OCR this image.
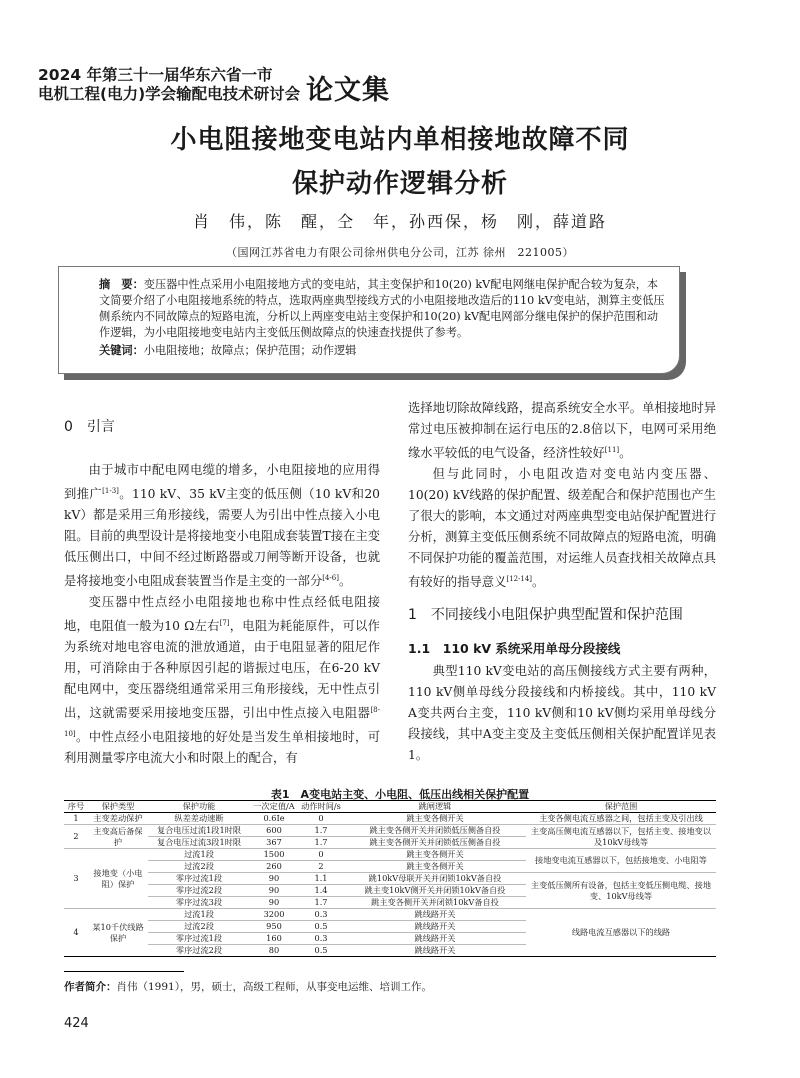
2024 年第三十一届华东六省一市
电机工程(电力)学会输配电技术研讨会 论文集
小电阻接地变电站内单相接地故障不同
保护动作逻辑分析
肖　伟，陈　醒，仝　年，孙西保，杨　刚，薛道路
（国网江苏省电力有限公司徐州供电分公司，江苏 徐州　221005）
摘　要：变压器中性点采用小电阻接地方式的变电站，其主变保护和10(20) kV配电网继电保护配合较为复杂，本文简要介绍了小电阻接地系统的特点，选取两座典型接线方式的小电阻接地改造后的110 kV变电站，测算主变低压侧系统内不同故障点的短路电流，分析以上两座变电站主变保护和10(20) kV配电网部分继电保护的保护范围和动作逻辑，为小电阻接地变电站内主变低压侧故障点的快速查找提供了参考。
关键词：小电阻接地；故障点；保护范围；动作逻辑
0　引言

由于城市中配电网电缆的增多，小电阻接地的应用得到推广[1-3]。110 kV、35 kV主变的低压侧（10 kV和20 kV）都是采用三角形接线，需要人为引出中性点接入小电阻。目前的典型设计是将接地变小电阻成套装置T接在主变低压侧出口，中间不经过断路器或刀闸等断开设备，也就是将接地变小电阻成套装置当作是主变的一部分[4-6]。

变压器中性点经小电阻接地也称中性点经低电阻接地，电阻值一般为10 Ω左右[7]，电阻为耗能原件，可以作为系统对地电容电流的泄放通道，由于电阻显著的阻尼作用，可消除由于各种原因引起的谐振过电压，在6-20 kV配电网中，变压器绕组通常采用三角形接线，无中性点引出，这就需要采用接地变压器，引出中性点接入电阻器[8-10]。中性点经小电阻接地的好处是当发生单相接地时，可利用测量零序电流大小和时限上的配合，有

选择地切除故障线路，提高系统安全水平。单相接地时异常过电压被抑制在运行电压的2.8倍以下，电网可采用绝缘水平较低的电气设备，经济性较好[11]。

但与此同时，小电阻改造对变电站内变压器、10(20) kV线路的保护配置、级差配合和保护范围也产生了很大的影响，本文通过对两座典型变电站保护配置进行分析，测算主变低压侧系统不同故障点的短路电流，明确不同保护功能的覆盖范围，对运维人员查找相关故障点具有较好的指导意义[12-14]。

1　不同接线小电阻保护典型配置和保护范围
1.1　110 kV 系统采用单母分段接线

典型110 kV变电站的高压侧接线方式主要有两种，110 kV侧单母线分段接线和内桥接线。其中，110 kV A变共两台主变，110 kV侧和10 kV侧均采用单母线分段接线，其中A变主变及主变低压侧相关保护配置详见表1。

表1　A变电站主变、小电阻、低压出线相关保护配置
序号	保护类型	保护功能	一次定值/A	动作时间/s	跳闸逻辑	保护范围
1	主变差动保护	纵差差动速断	0.6Ie	0	跳主变各侧开关	主变各侧电流互感器之间，包括主变及引出线
2	主变高后备保护	复合电压过流1段1时限	600	1.7	跳主变各侧开关并闭锁低压侧备自投	主变高压侧电流互感器以下，包括主变、接地变以及10kV母线等
		复合电压过流3段1时限	367	1.7	跳主变各侧开关并闭锁低压侧备自投	
3	接地变（小电阻）保护	过流1段	1500	0	跳主变各侧开关	接地变电流互感器以下，包括接地变、小电阻等
		过流2段	260	2	跳主变各侧开关	
		零序过流1段	90	1.1	跳10kV母联开关并闭锁10kV备自投	主变低压侧所有设备，包括主变低压侧电缆、接地变、10kV母线等
		零序过流2段	90	1.4	跳主变10kV侧开关并闭锁10kV备自投	
		零序过流3段	90	1.7	跳主变各侧开关并闭锁10kV备自投	
4	某10千伏线路保护	过流1段	3200	0.3	跳线路开关	线路电流互感器以下的线路
		过流2段	950	0.5	跳线路开关	
		零序过流1段	160	0.3	跳线路开关	
		零序过流2段	80	0.5	跳线路开关	
作者简介：肖伟（1991），男，硕士，高级工程师，从事变电运维、培训工作。
424
